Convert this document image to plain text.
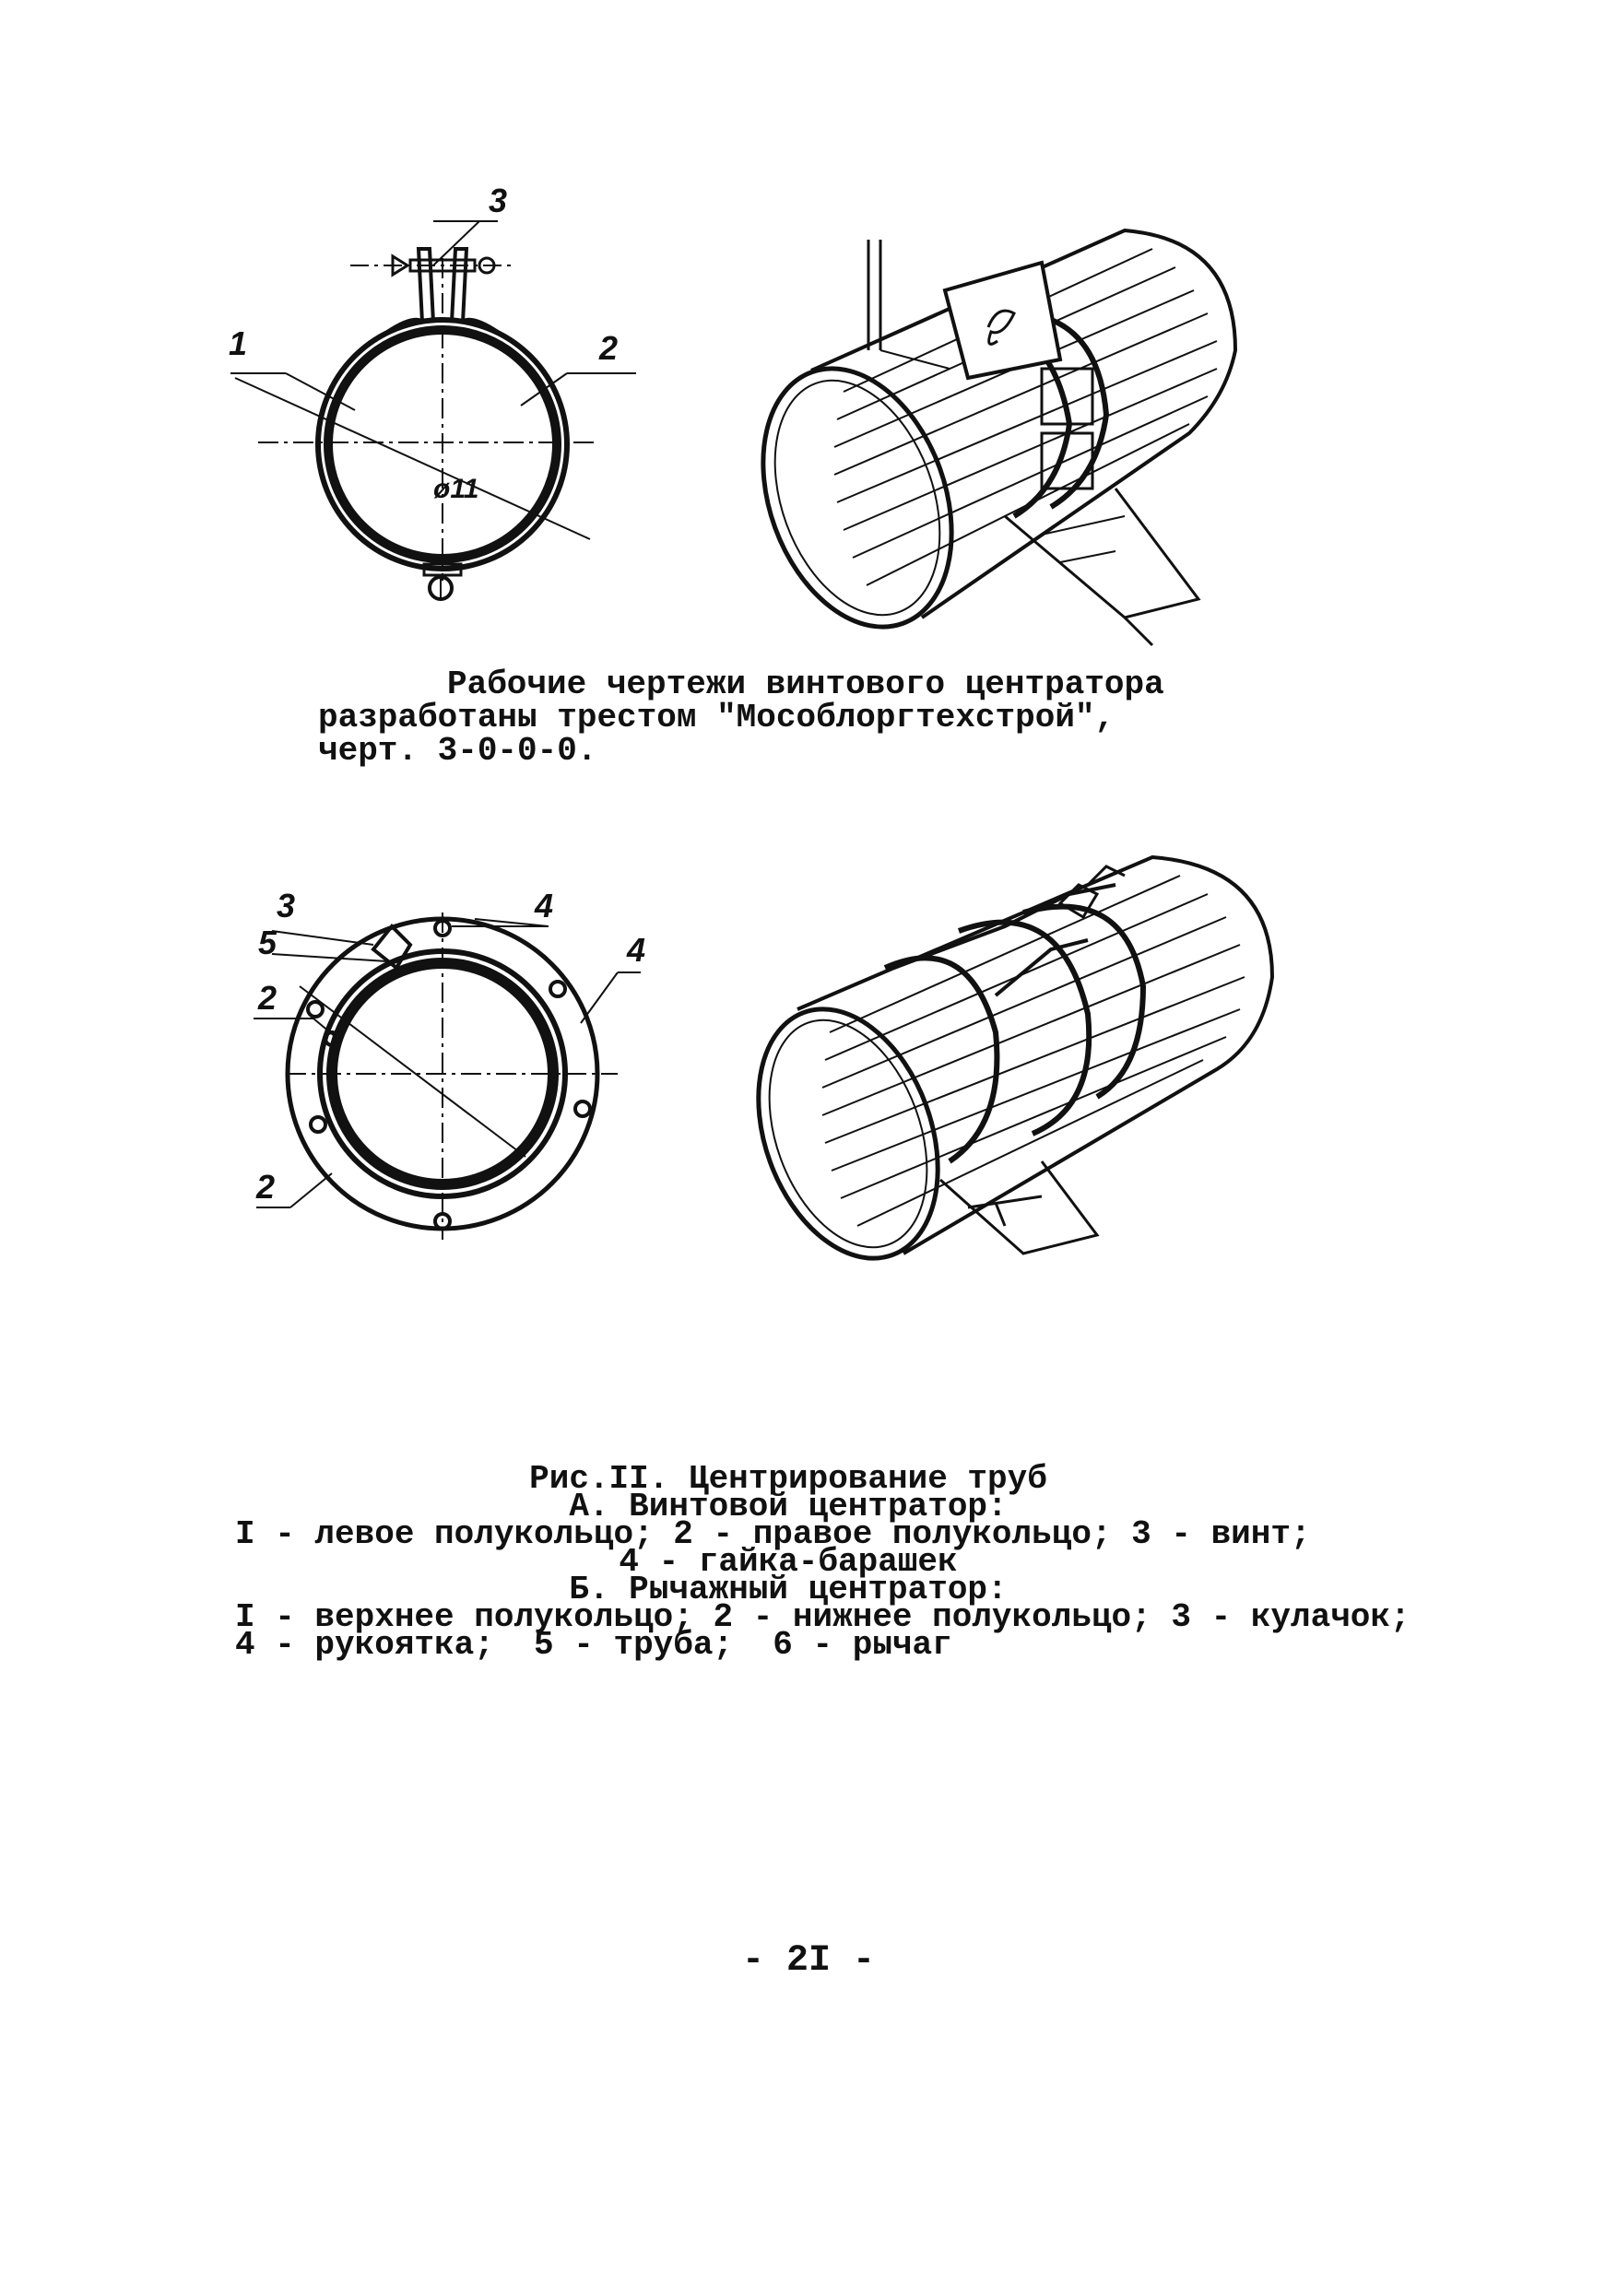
3
1	2
ø11
Рабочие чертежи винтового центратора
разработаны трестом "Мособлоргтехстрой",
черт. 3-0-0-0.
3
5
4
4
2
2
Рис.II. Центрирование труб
А. Винтовой центратор:
I - левое полукольцо; 2 - правое полукольцо; 3 - винт;
4 - гайка-барашек
Б. Рычажный центратор:
I - верхнее полукольцо; 2 - нижнее полукольцо; 3 - кулачок;
4 - рукоятка;  5 - труба;  6 - рычаг
- 2I -
